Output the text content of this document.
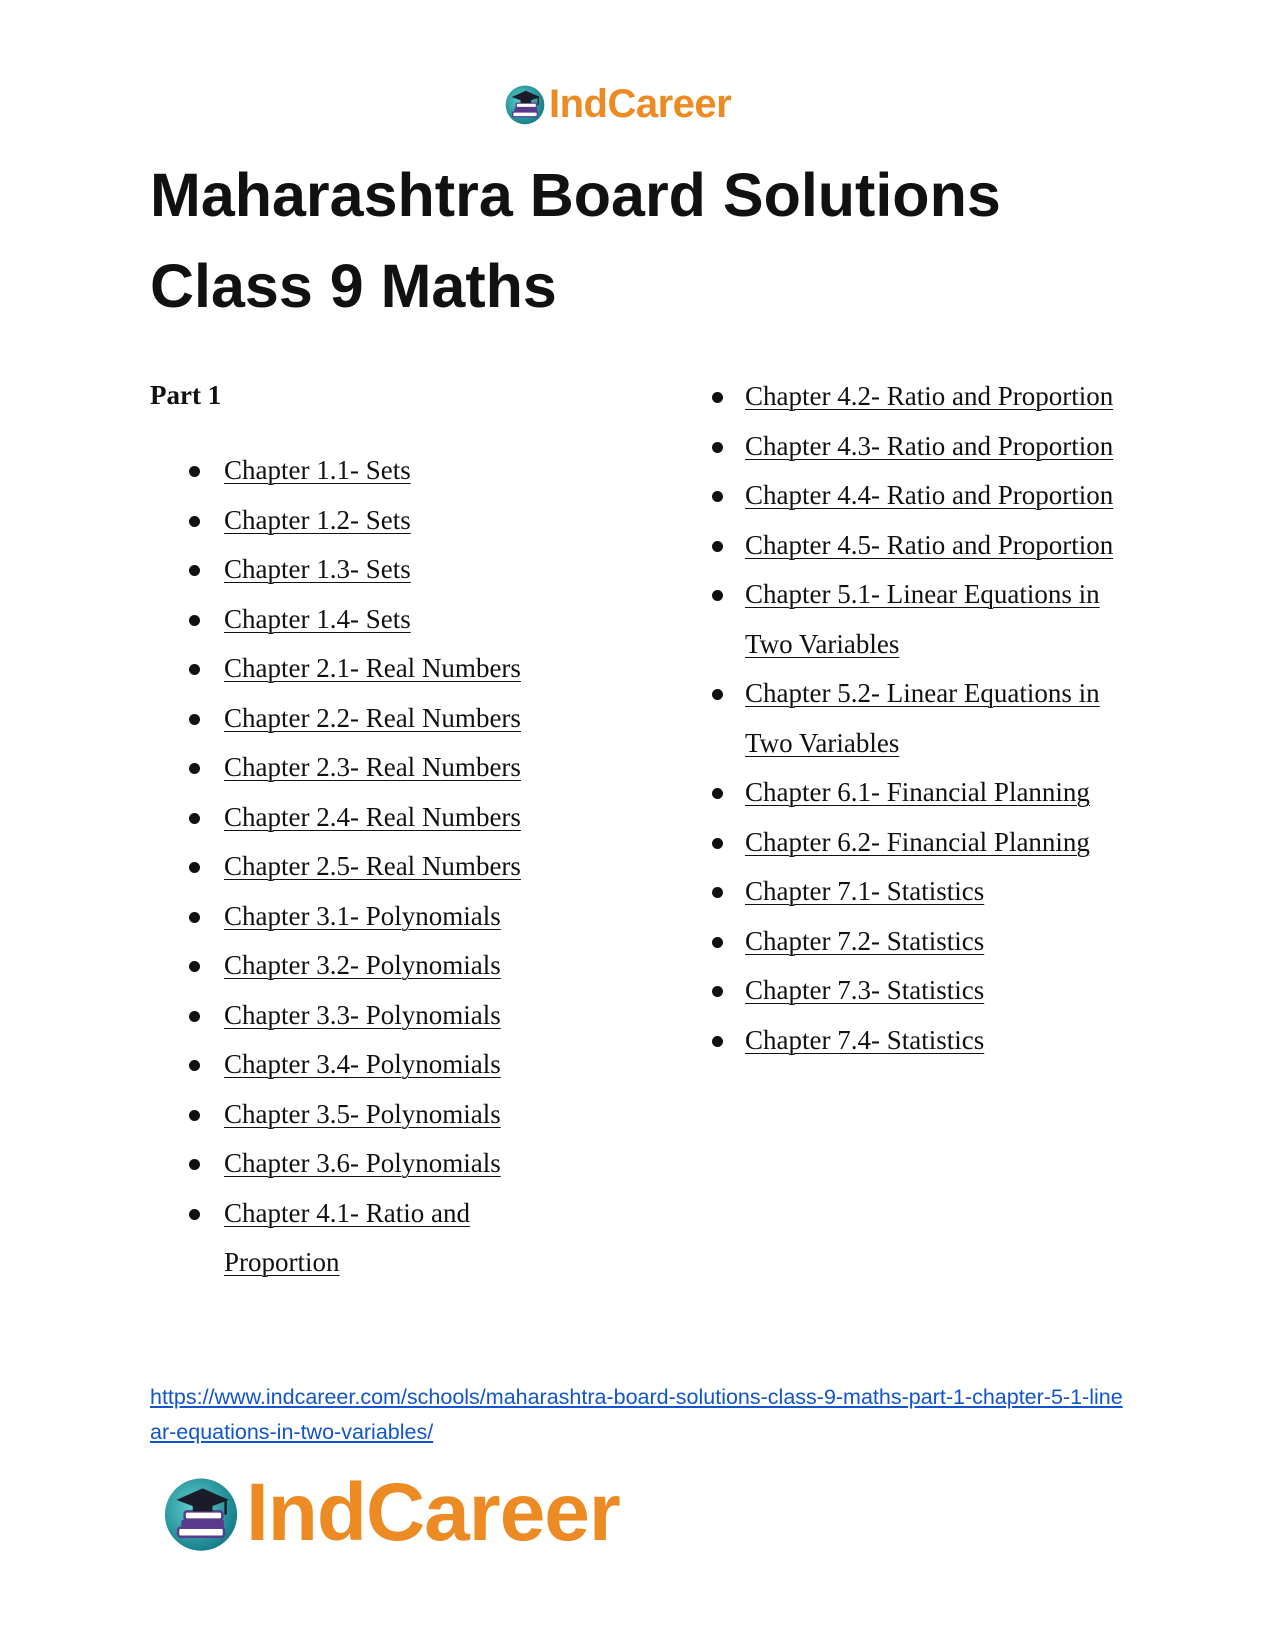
IndCareer
Maharashtra Board Solutions Class 9 Maths
Part 1
Chapter 1.1- Sets
Chapter 1.2- Sets
Chapter 1.3- Sets
Chapter 1.4- Sets
Chapter 2.1- Real Numbers
Chapter 2.2- Real Numbers
Chapter 2.3- Real Numbers
Chapter 2.4- Real Numbers
Chapter 2.5- Real Numbers
Chapter 3.1- Polynomials
Chapter 3.2- Polynomials
Chapter 3.3- Polynomials
Chapter 3.4- Polynomials
Chapter 3.5- Polynomials
Chapter 3.6- Polynomials
Chapter 4.1- Ratio and Proportion
Chapter 4.2- Ratio and Proportion
Chapter 4.3- Ratio and Proportion
Chapter 4.4- Ratio and Proportion
Chapter 4.5- Ratio and Proportion
Chapter 5.1- Linear Equations in Two Variables
Chapter 5.2- Linear Equations in Two Variables
Chapter 6.1- Financial Planning
Chapter 6.2- Financial Planning
Chapter 7.1- Statistics
Chapter 7.2- Statistics
Chapter 7.3- Statistics
Chapter 7.4- Statistics
https://www.indcareer.com/schools/maharashtra-board-solutions-class-9-maths-part-1-chapter-5-1-linear-equations-in-two-variables/
IndCareer
